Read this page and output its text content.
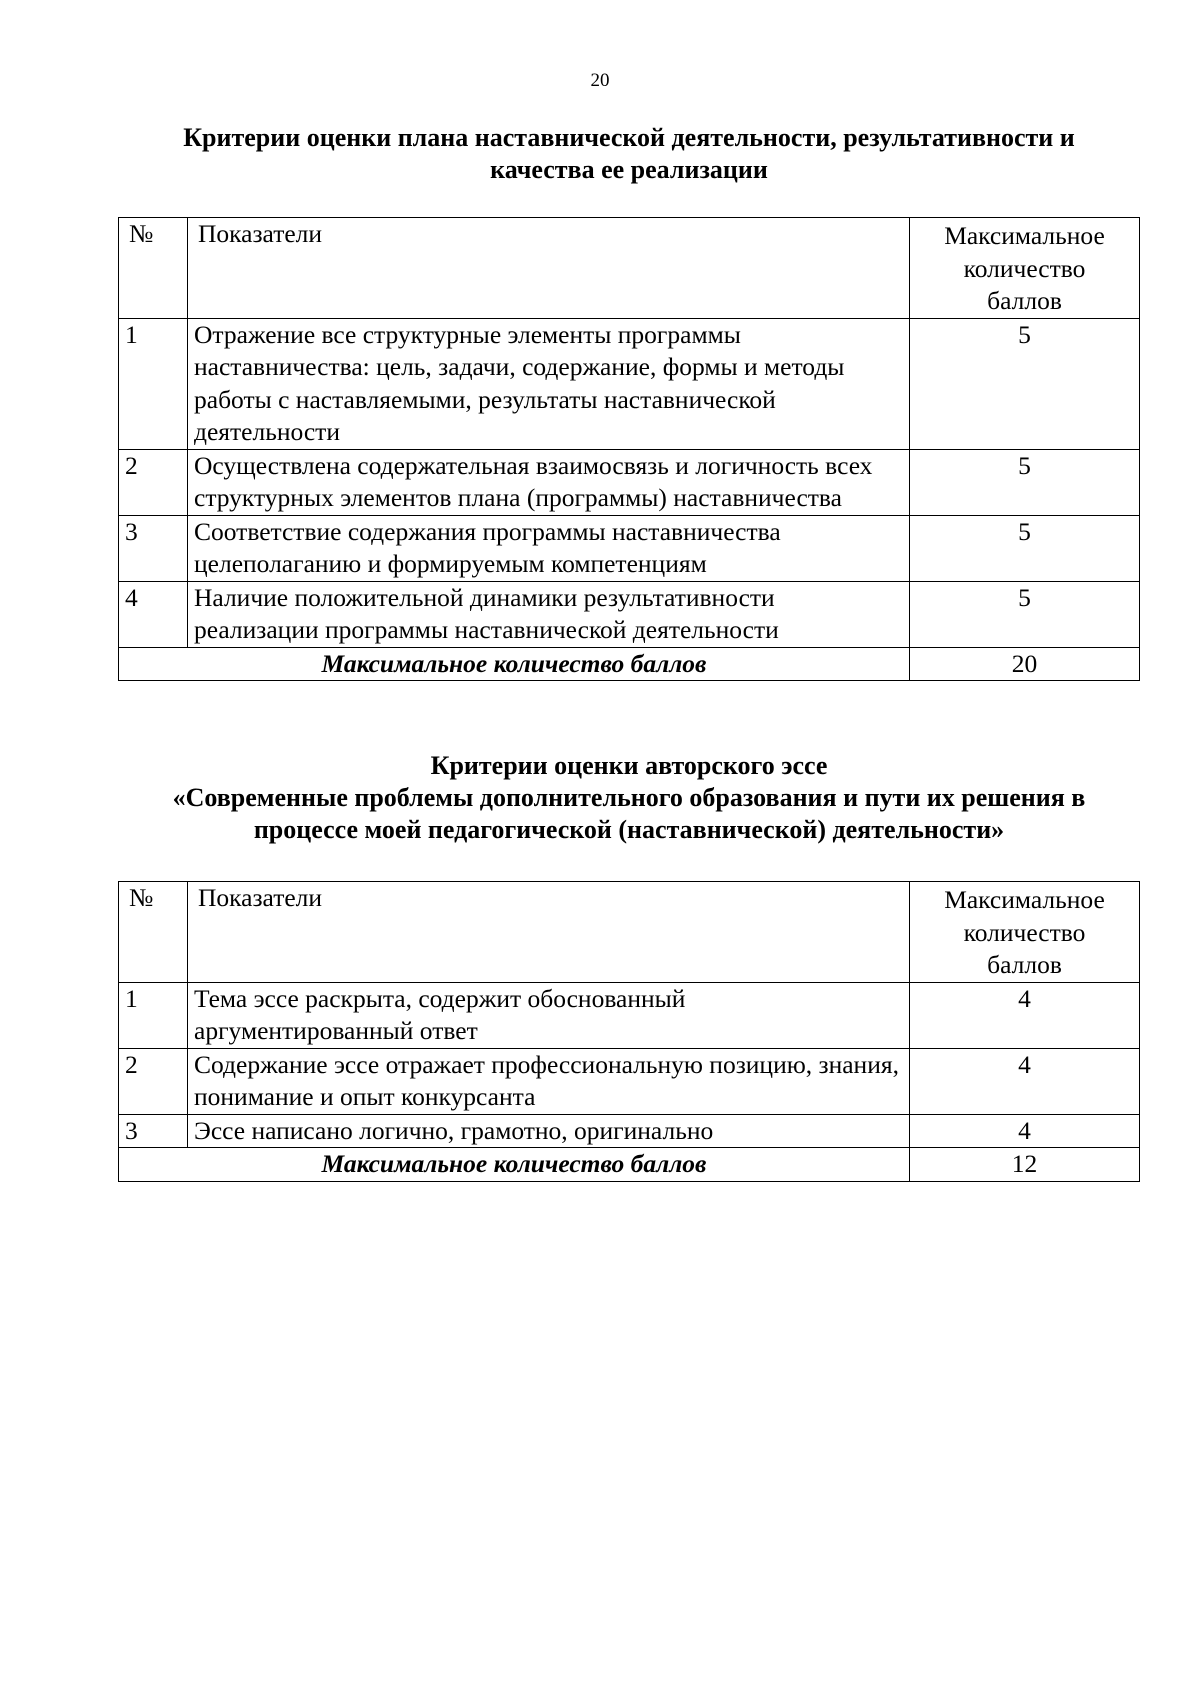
20
Критерии оценки плана наставнической деятельности, результативности и
качества ее реализации
№	Показатели	Максимальное
количество
баллов

1	Отражение все структурные элементы программы наставничества: цель, задачи, содержание, формы и методы работы с наставляемыми, результаты наставнической деятельности	5
2	Осуществлена содержательная взаимосвязь и логичность всех структурных элементов плана (программы) наставничества	5
3	Соответствие содержания программы наставничества целеполаганию и формируемым компетенциям	5
4	Наличие положительной динамики результативности реализации программы наставнической деятельности	5
Максимальное количество баллов		20
Критерии оценки авторского эссе
«Современные проблемы дополнительного образования и пути их решения в
процессе моей педагогической (наставнической) деятельности»
№	Показатели	Максимальное
количество
баллов

1	Тема эссе раскрыта, содержит обоснованный аргументированный ответ	4
2	Содержание эссе отражает профессиональную позицию, знания, понимание и опыт конкурсанта	4
3	Эссе написано логично, грамотно, оригинально	4
Максимальное количество баллов		12
